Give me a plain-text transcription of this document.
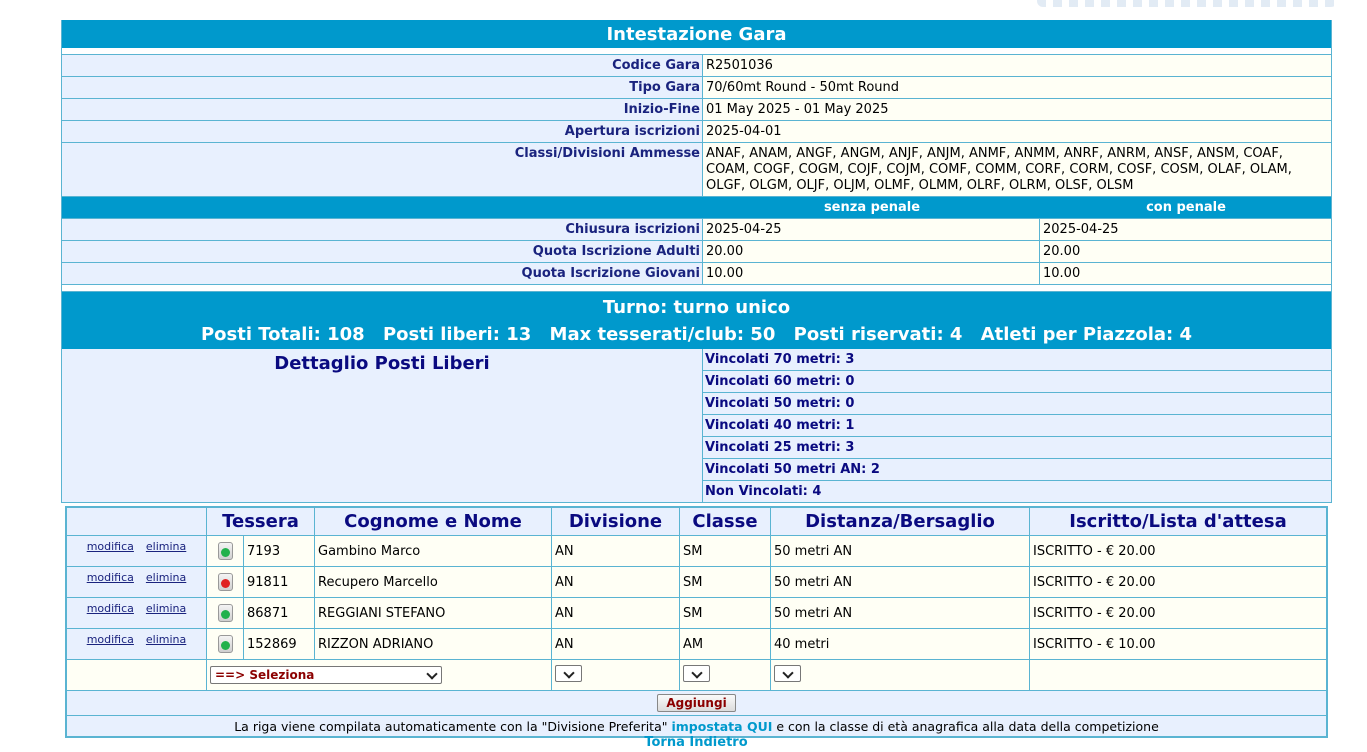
Intestazione Gara
Codice Gara R2501036
Tipo Gara 70/60mt Round - 50mt Round
Inizio-Fine 01 May 2025 - 01 May 2025
Apertura iscrizioni 2025-04-01
Classi/Divisioni Ammesse ANAF, ANAM, ANGF, ANGM, ANJF, ANJM, ANMF, ANMM, ANRF, ANRM, ANSF, ANSM, COAF, COAM, COGF, COGM, COJF, COJM, COMF, COMM, CORF, CORM, COSF, COSM, OLAF, OLAM, OLGF, OLGM, OLJF, OLJM, OLMF, OLMM, OLRF, OLRM, OLSF, OLSM
senza penale	con penale
Chiusura iscrizioni 2025-04-25	2025-04-25
Quota Iscrizione Adulti 20.00	20.00
Quota Iscrizione Giovani 10.00	10.00
Turno: turno unico
Posti Totali: 108 Posti liberi: 13 Max tesserati/club: 50 Posti riservati: 4 Atleti per Piazzola: 4
Dettaglio Posti Liberi	Vincolati 70 metri: 3
Vincolati 60 metri: 0
Vincolati 50 metri: 0
Vincolati 40 metri: 1
Vincolati 25 metri: 3
Vincolati 50 metri AN: 2
Non Vincolati: 4
	Tessera		Cognome e Nome	Divisione	Classe	Distanza/Bersaglio	Iscritto/Lista d'attesa
modifica elimina		7193	Gambino Marco	AN	SM	50 metri AN	ISCRITTO - € 20.00
modifica elimina		91811	Recupero Marcello	AN	SM	50 metri AN	ISCRITTO - € 20.00
modifica elimina		86871	REGGIANI STEFANO	AN	SM	50 metri AN	ISCRITTO - € 20.00
modifica elimina		152869	RIZZON ADRIANO	AN	AM	40 metri	ISCRITTO - € 10.00
	==> Seleziona		

Aggiungi							
La riga viene compilata automaticamente con la "Divisione Preferita" impostata QUI e con la classe di età anagrafica alla data della competizione							
Torna Indietro
